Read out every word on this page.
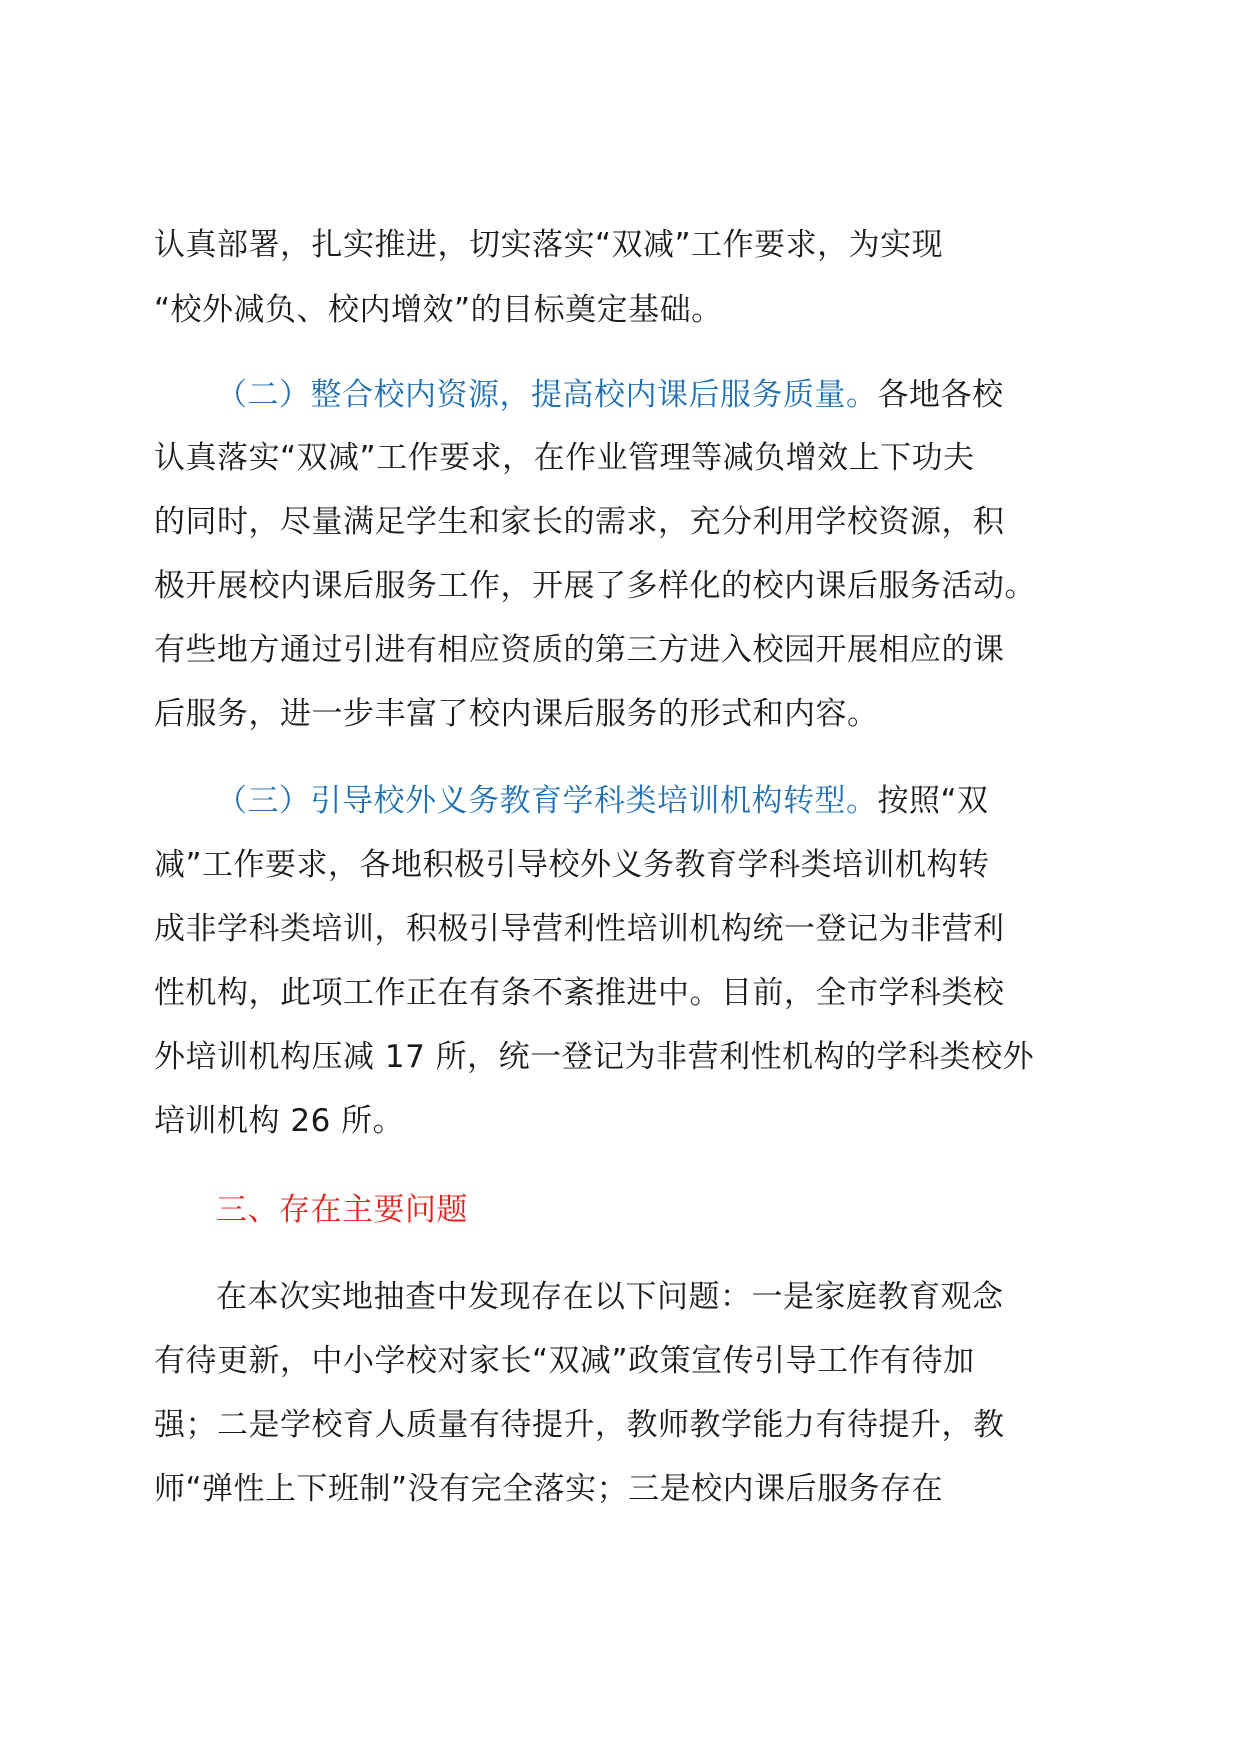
认真部署，扎实推进，切实落实“双减”工作要求，为实现
“校外减负、校内增效”的目标奠定基础。
（二）整合校内资源，提高校内课后服务质量。各地各校
认真落实“双减”工作要求，在作业管理等减负增效上下功夫
的同时，尽量满足学生和家长的需求，充分利用学校资源，积
极开展校内课后服务工作，开展了多样化的校内课后服务活动。
有些地方通过引进有相应资质的第三方进入校园开展相应的课
后服务，进一步丰富了校内课后服务的形式和内容。
（三）引导校外义务教育学科类培训机构转型。按照“双
减”工作要求，各地积极引导校外义务教育学科类培训机构转
成非学科类培训，积极引导营利性培训机构统一登记为非营利
性机构，此项工作正在有条不紊推进中。目前，全市学科类校
外培训机构压减 17 所，统一登记为非营利性机构的学科类校外
培训机构 26 所。
三、存在主要问题
在本次实地抽查中发现存在以下问题：一是家庭教育观念
有待更新，中小学校对家长“双减”政策宣传引导工作有待加
强；二是学校育人质量有待提升，教师教学能力有待提升，教
师“弹性上下班制”没有完全落实；三是校内课后服务存在
